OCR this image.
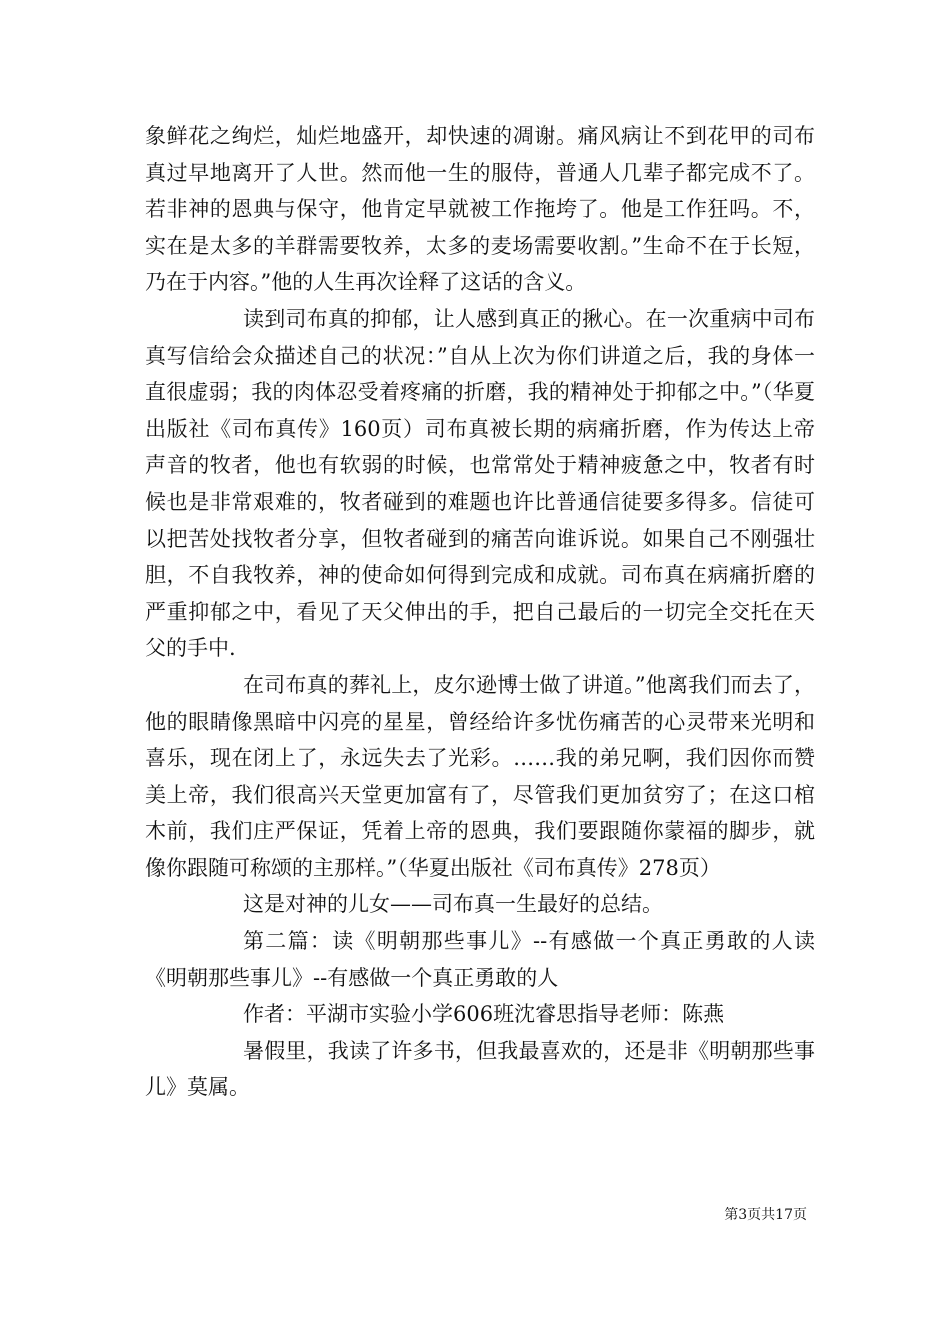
象鲜花之绚烂，灿烂地盛开，却快速的凋谢。痛风病让不到花甲的司布真过早地离开了人世。然而他一生的服侍，普通人几辈子都完成不了。若非神的恩典与保守，他肯定早就被工作拖垮了。他是工作狂吗。不，实在是太多的羊群需要牧养，太多的麦场需要收割。”生命不在于长短，乃在于内容。”他的人生再次诠释了这话的含义。

读到司布真的抑郁，让人感到真正的揪心。在一次重病中司布真写信给会众描述自己的状况：”自从上次为你们讲道之后，我的身体一直很虚弱；我的肉体忍受着疼痛的折磨，我的精神处于抑郁之中。”（华夏出版社《司布真传》160页）司布真被长期的病痛折磨，作为传达上帝声音的牧者，他也有软弱的时候，也常常处于精神疲惫之中，牧者有时候也是非常艰难的，牧者碰到的难题也许比普通信徒要多得多。信徒可以把苦处找牧者分享，但牧者碰到的痛苦向谁诉说。如果自己不刚强壮胆，不自我牧养，神的使命如何得到完成和成就。司布真在病痛折磨的严重抑郁之中，看见了天父伸出的手，把自己最后的一切完全交托在天父的手中.

在司布真的葬礼上，皮尔逊博士做了讲道。”他离我们而去了，他的眼睛像黑暗中闪亮的星星，曾经给许多忧伤痛苦的心灵带来光明和喜乐，现在闭上了，永远失去了光彩。……我的弟兄啊，我们因你而赞美上帝，我们很高兴天堂更加富有了，尽管我们更加贫穷了；在这口棺木前，我们庄严保证，凭着上帝的恩典，我们要跟随你蒙福的脚步，就像你跟随可称颂的主那样。”（华夏出版社《司布真传》278页）

这是对神的儿女——司布真一生最好的总结。

第二篇：读《明朝那些事儿》--有感做一个真正勇敢的人读《明朝那些事儿》--有感做一个真正勇敢的人

作者：平湖市实验小学606班沈睿思指导老师：陈燕

暑假里，我读了许多书，但我最喜欢的，还是非《明朝那些事儿》莫属。

第3页共17页
